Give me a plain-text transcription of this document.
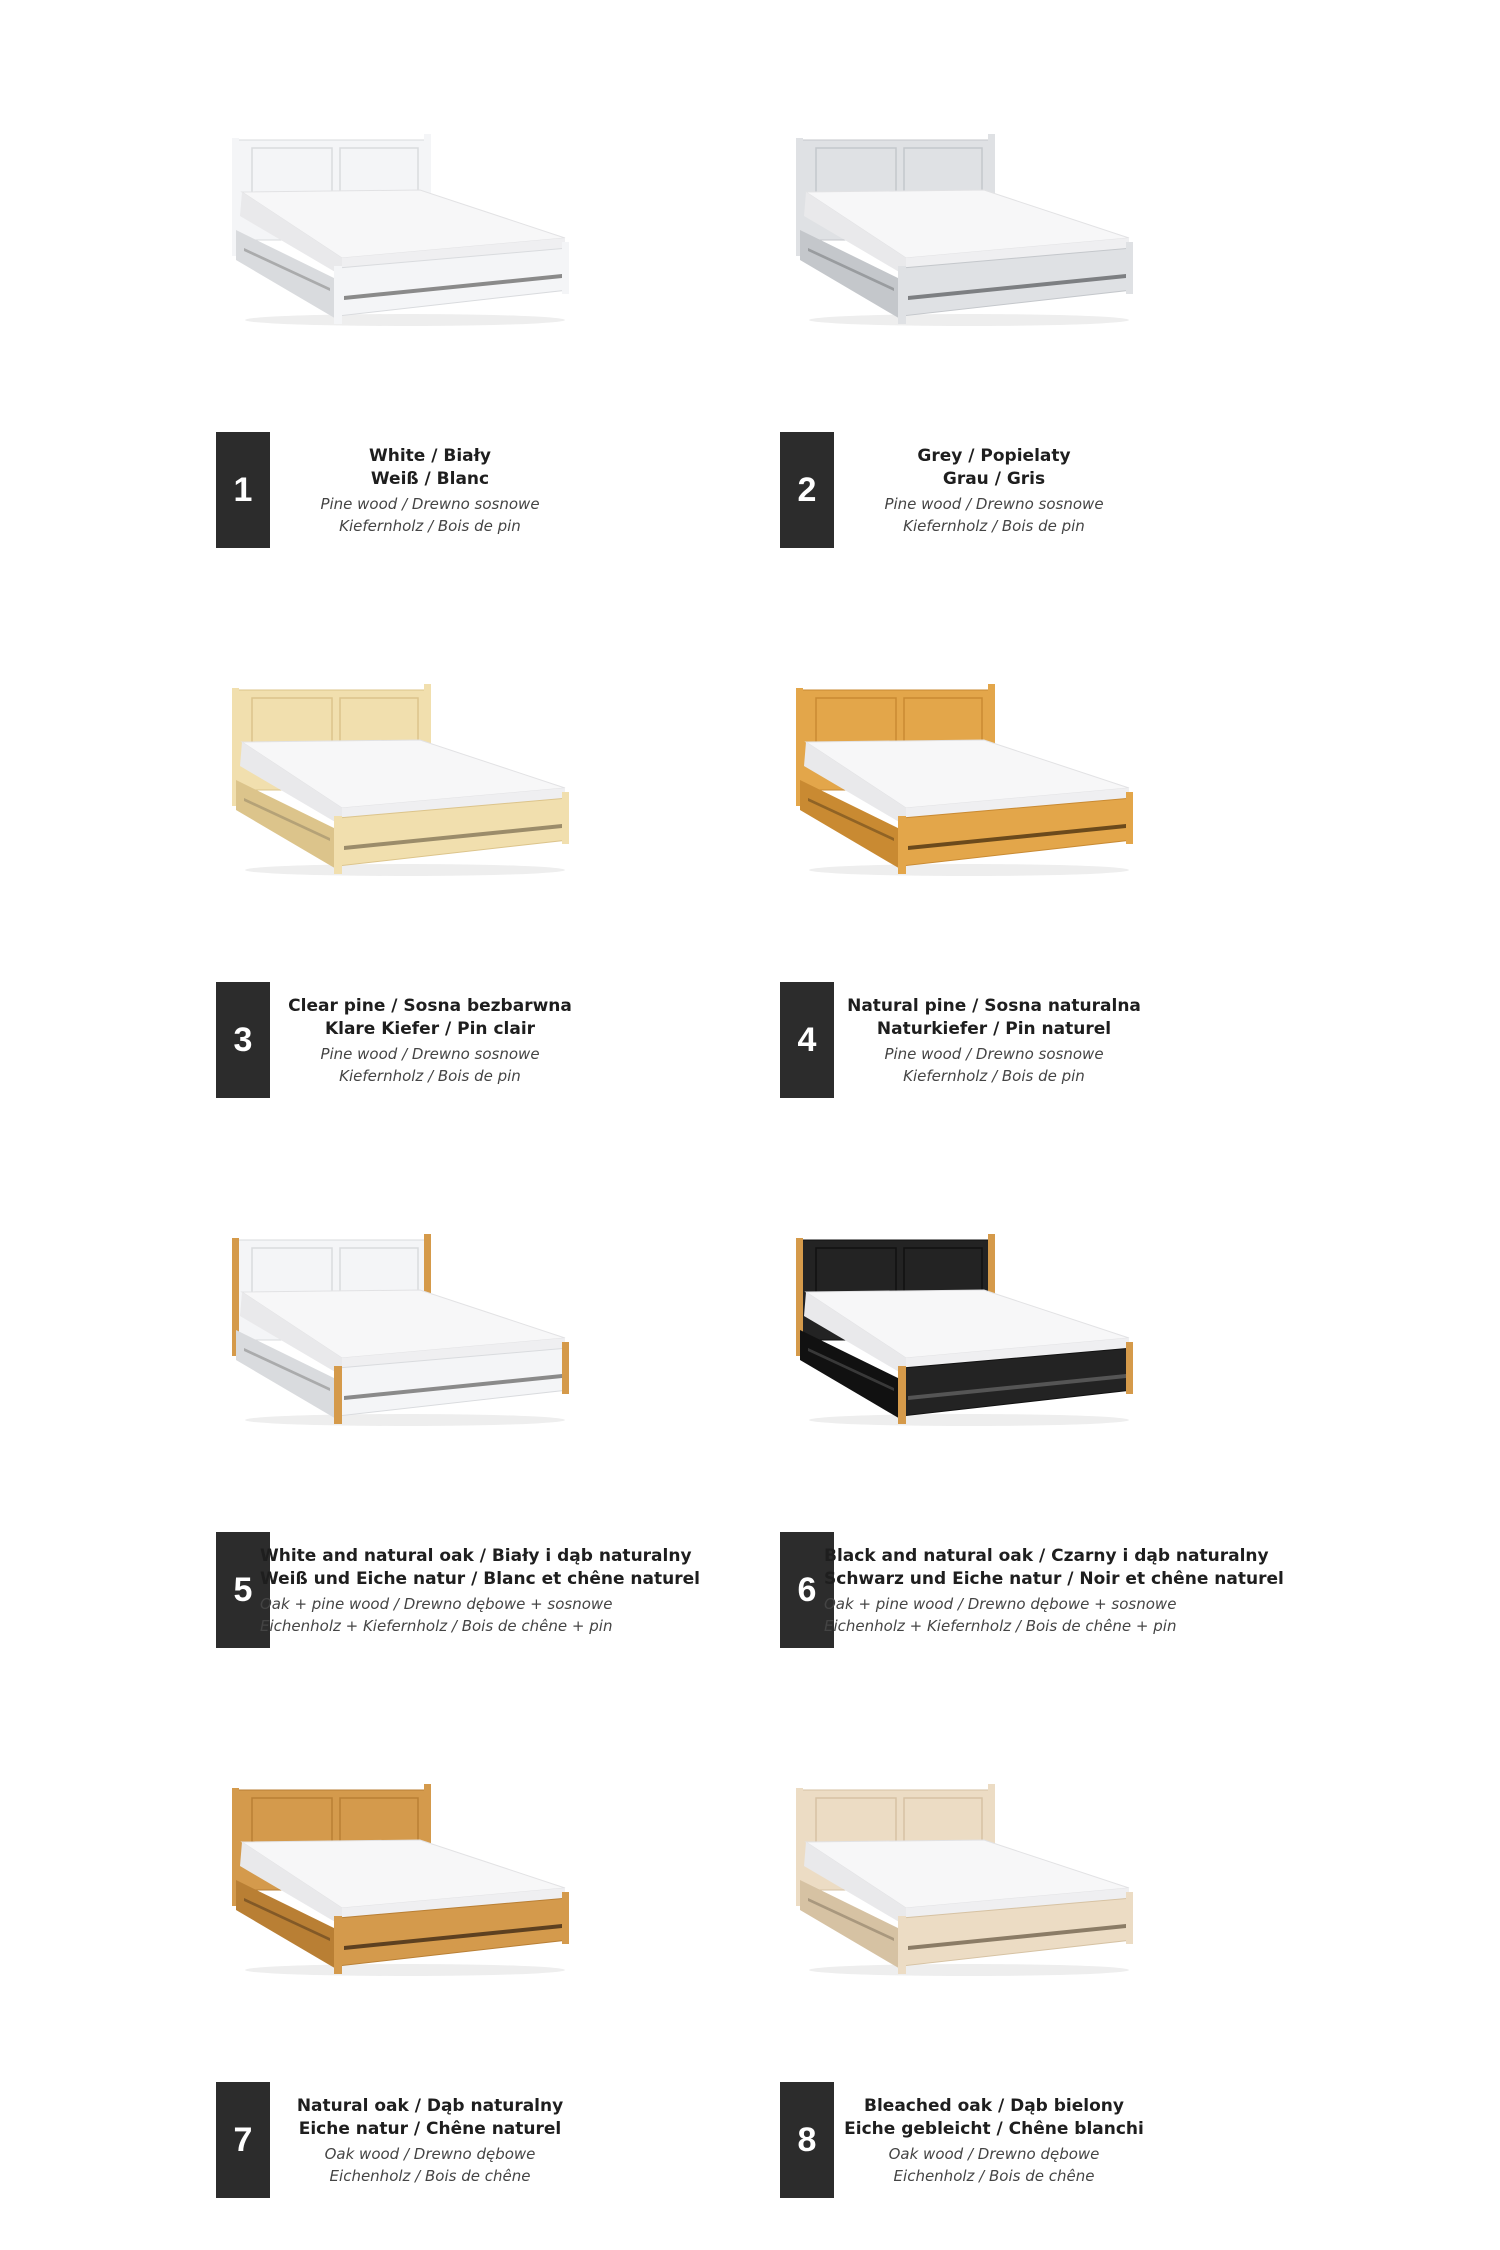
1
White / Biały
Weiß / Blanc
Pine wood / Drewno sosnowe
Kiefernholz / Bois de pin
2
Grey / Popielaty
Grau / Gris
Pine wood / Drewno sosnowe
Kiefernholz / Bois de pin
3
Clear pine / Sosna bezbarwna
Klare Kiefer / Pin clair
Pine wood / Drewno sosnowe
Kiefernholz / Bois de pin
4
Natural pine / Sosna naturalna
Naturkiefer / Pin naturel
Pine wood / Drewno sosnowe
Kiefernholz / Bois de pin
5
White and natural oak / Biały i dąb naturalny
Weiß und Eiche natur / Blanc et chêne naturel
Oak + pine wood / Drewno dębowe + sosnowe
Eichenholz + Kiefernholz / Bois de chêne + pin
6
Black and natural oak / Czarny i dąb naturalny
Schwarz und Eiche natur / Noir et chêne naturel
Oak + pine wood / Drewno dębowe + sosnowe
Eichenholz + Kiefernholz / Bois de chêne + pin
7
Natural oak / Dąb naturalny
Eiche natur / Chêne naturel
Oak wood / Drewno dębowe
Eichenholz / Bois de chêne
8
Bleached oak / Dąb bielony
Eiche gebleicht / Chêne blanchi
Oak wood / Drewno dębowe
Eichenholz / Bois de chêne
